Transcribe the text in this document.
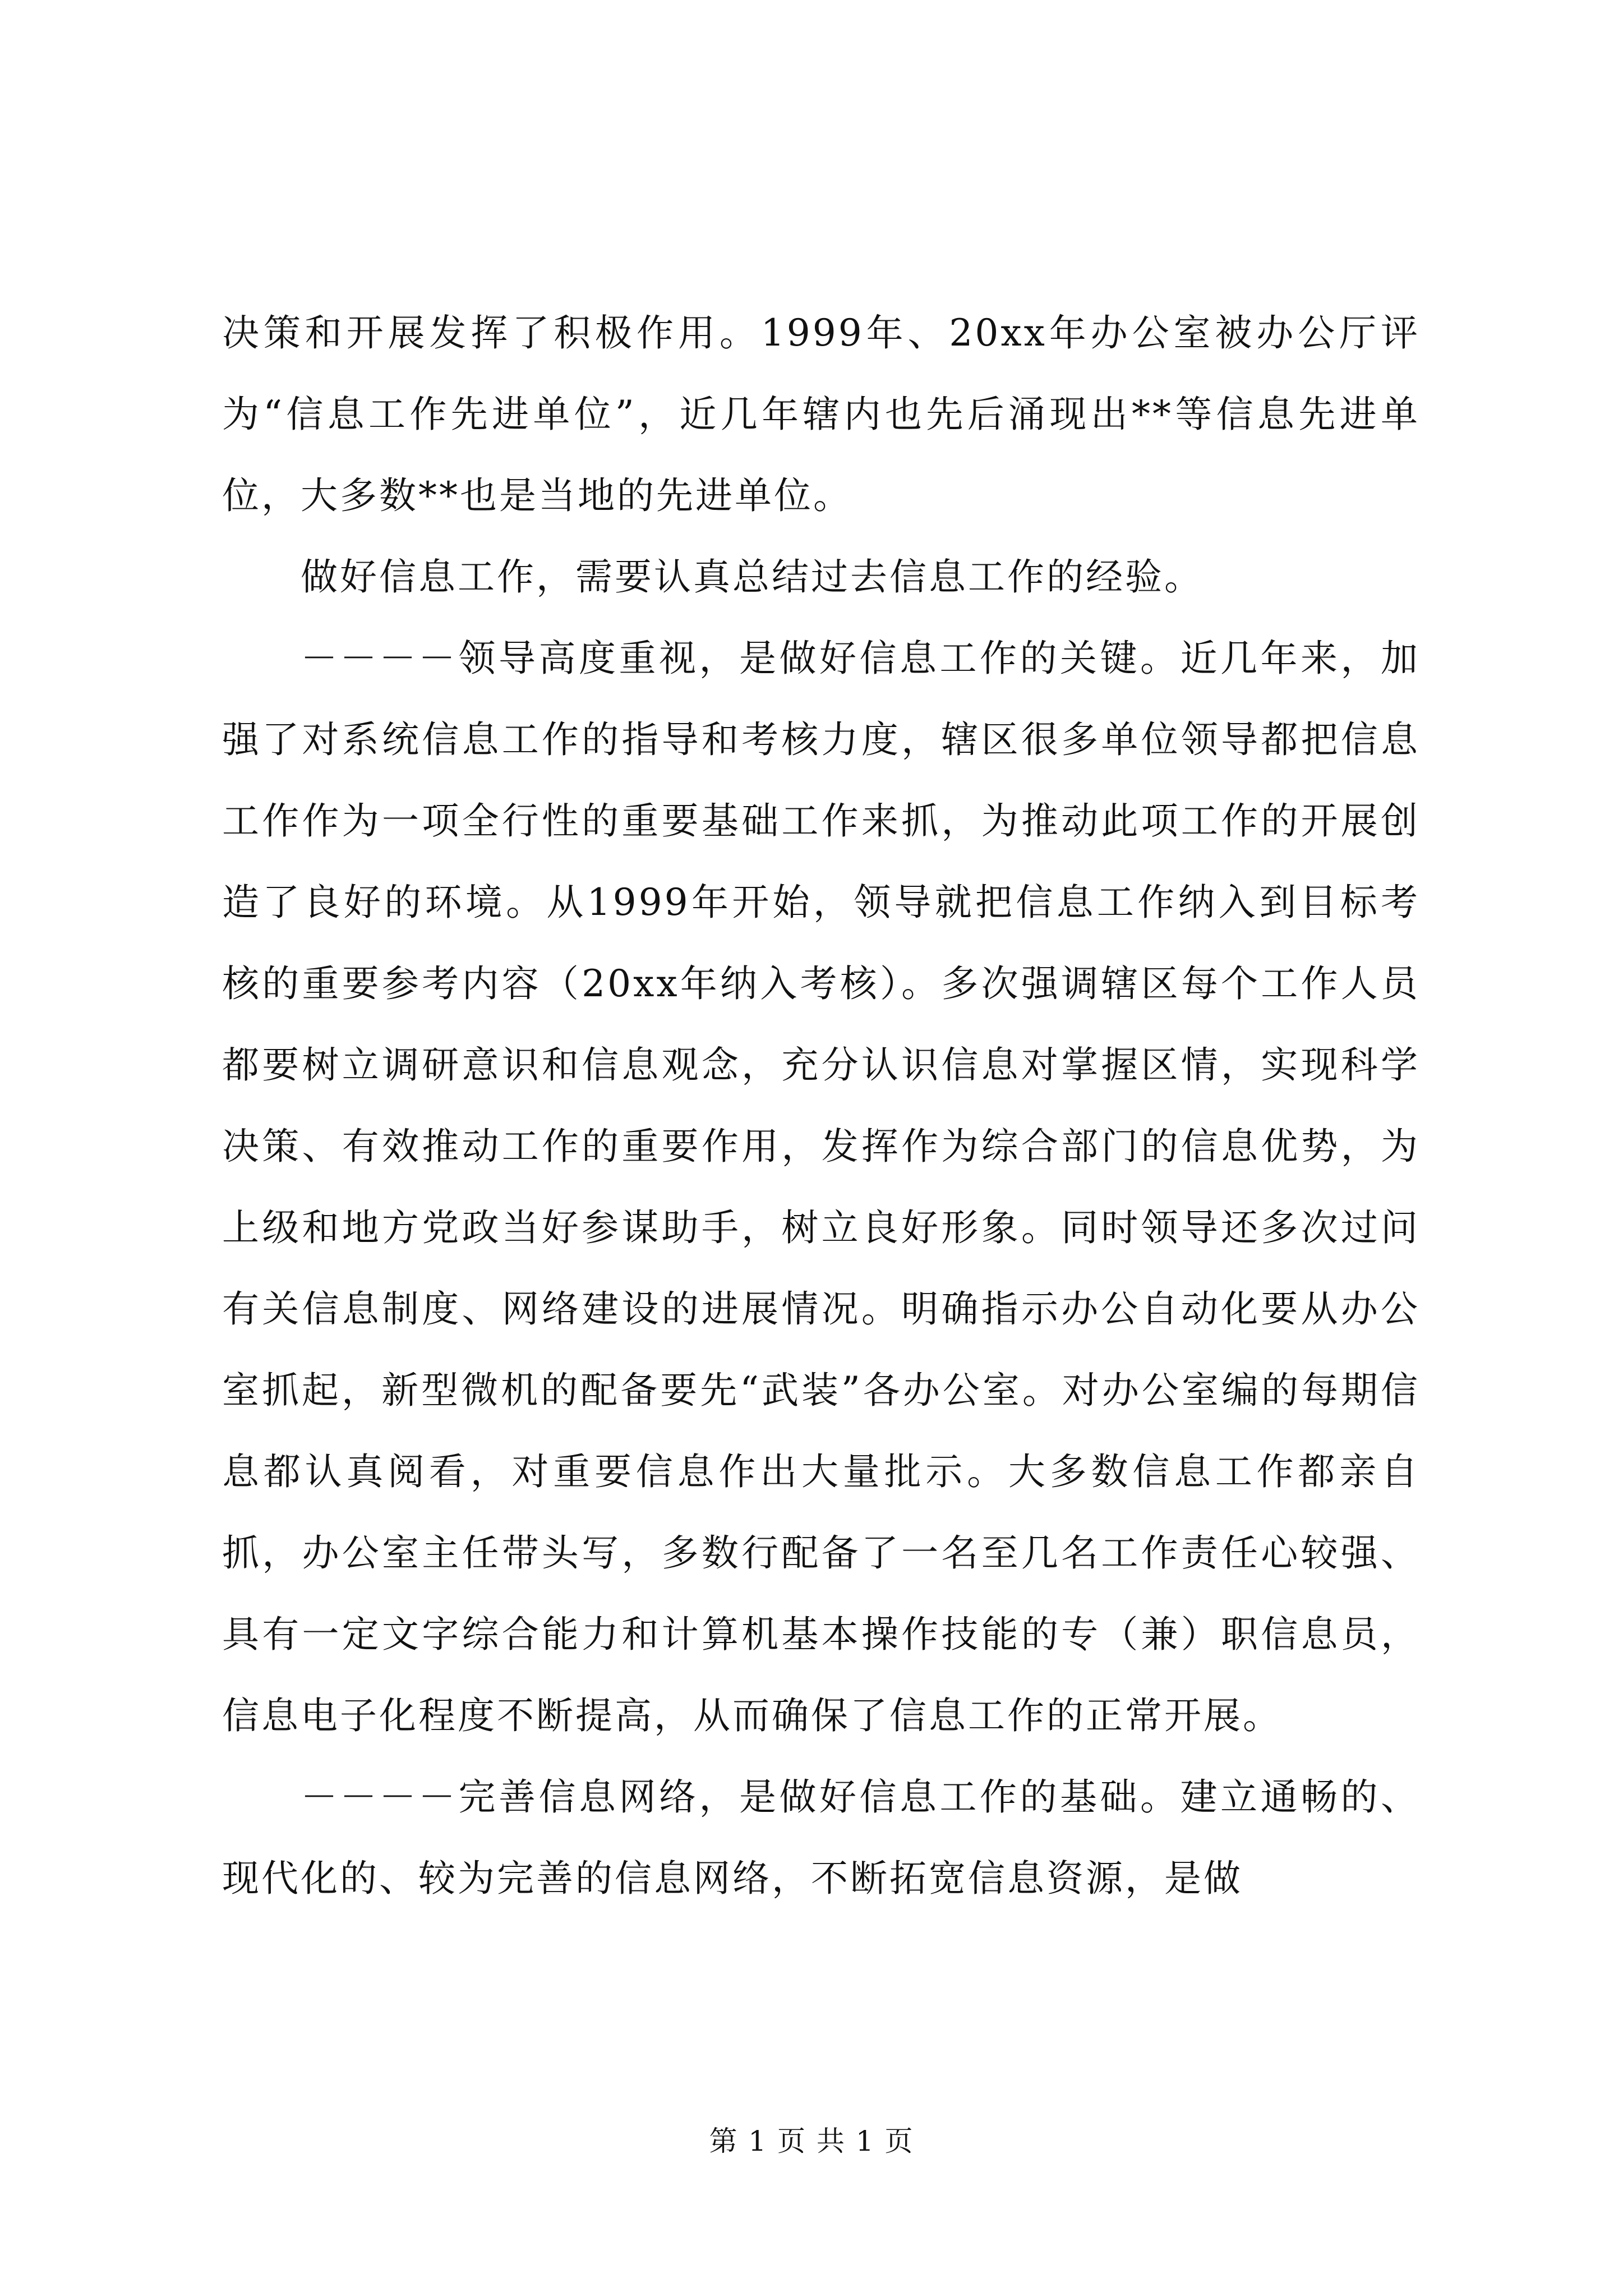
决策和开展发挥了积极作用。1999年、20xx年办公室被办公厅评为“信息工作先进单位”，近几年辖内也先后涌现出**等信息先进单位，大多数**也是当地的先进单位。

做好信息工作，需要认真总结过去信息工作的经验。

－－－－领导高度重视，是做好信息工作的关键。近几年来，加强了对系统信息工作的指导和考核力度，辖区很多单位领导都把信息工作作为一项全行性的重要基础工作来抓，为推动此项工作的开展创造了良好的环境。从1999年开始，领导就把信息工作纳入到目标考核的重要参考内容（20xx年纳入考核）。多次强调辖区每个工作人员都要树立调研意识和信息观念，充分认识信息对掌握区情，实现科学决策、有效推动工作的重要作用，发挥作为综合部门的信息优势，为上级和地方党政当好参谋助手，树立良好形象。同时领导还多次过问有关信息制度、网络建设的进展情况。明确指示办公自动化要从办公室抓起，新型微机的配备要先“武装”各办公室。对办公室编的每期信息都认真阅看，对重要信息作出大量批示。大多数信息工作都亲自抓，办公室主任带头写，多数行配备了一名至几名工作责任心较强、具有一定文字综合能力和计算机基本操作技能的专（兼）职信息员，信息电子化程度不断提高，从而确保了信息工作的正常开展。

－－－－完善信息网络，是做好信息工作的基础。建立通畅的、现代化的、较为完善的信息网络，不断拓宽信息资源，是做

第 1 页 共 1 页
